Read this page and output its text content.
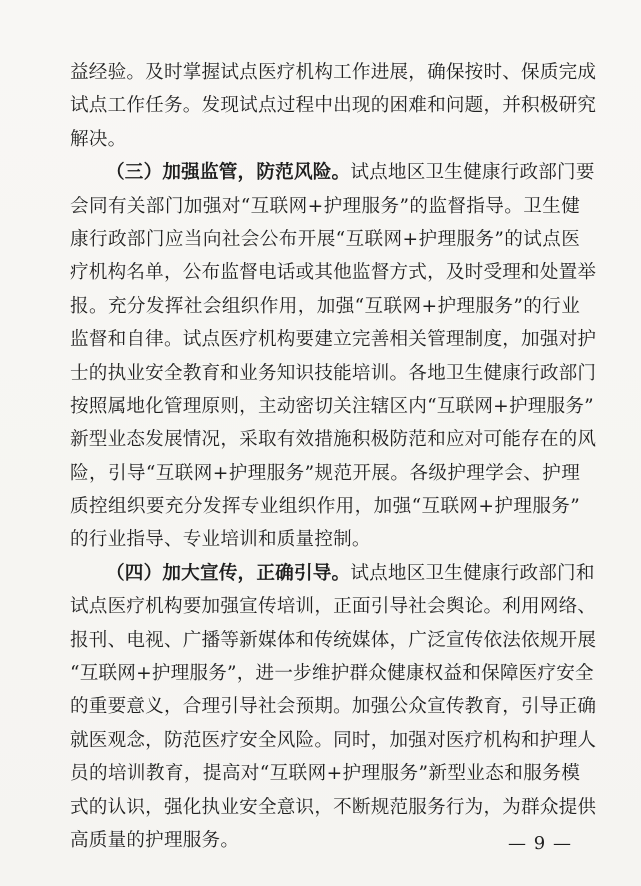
益经验。及时掌握试点医疗机构工作进展，确保按时、保质完成
试点工作任务。发现试点过程中出现的困难和问题，并积极研究
解决。
（三）加强监管，防范风险。试点地区卫生健康行政部门要
会同有关部门加强对“互联网+护理服务”的监督指导。卫生健
康行政部门应当向社会公布开展“互联网+护理服务”的试点医
疗机构名单，公布监督电话或其他监督方式，及时受理和处置举
报。充分发挥社会组织作用，加强“互联网+护理服务”的行业
监督和自律。试点医疗机构要建立完善相关管理制度，加强对护
士的执业安全教育和业务知识技能培训。各地卫生健康行政部门
按照属地化管理原则，主动密切关注辖区内“互联网+护理服务”
新型业态发展情况，采取有效措施积极防范和应对可能存在的风
险，引导“互联网+护理服务”规范开展。各级护理学会、护理
质控组织要充分发挥专业组织作用，加强“互联网+护理服务”
的行业指导、专业培训和质量控制。
（四）加大宣传，正确引导。试点地区卫生健康行政部门和
试点医疗机构要加强宣传培训，正面引导社会舆论。利用网络、
报刊、电视、广播等新媒体和传统媒体，广泛宣传依法依规开展
“互联网+护理服务”，进一步维护群众健康权益和保障医疗安全
的重要意义，合理引导社会预期。加强公众宣传教育，引导正确
就医观念，防范医疗安全风险。同时，加强对医疗机构和护理人
员的培训教育，提高对“互联网+护理服务”新型业态和服务模
式的认识，强化执业安全意识，不断规范服务行为，为群众提供
高质量的护理服务。	— 9 —
